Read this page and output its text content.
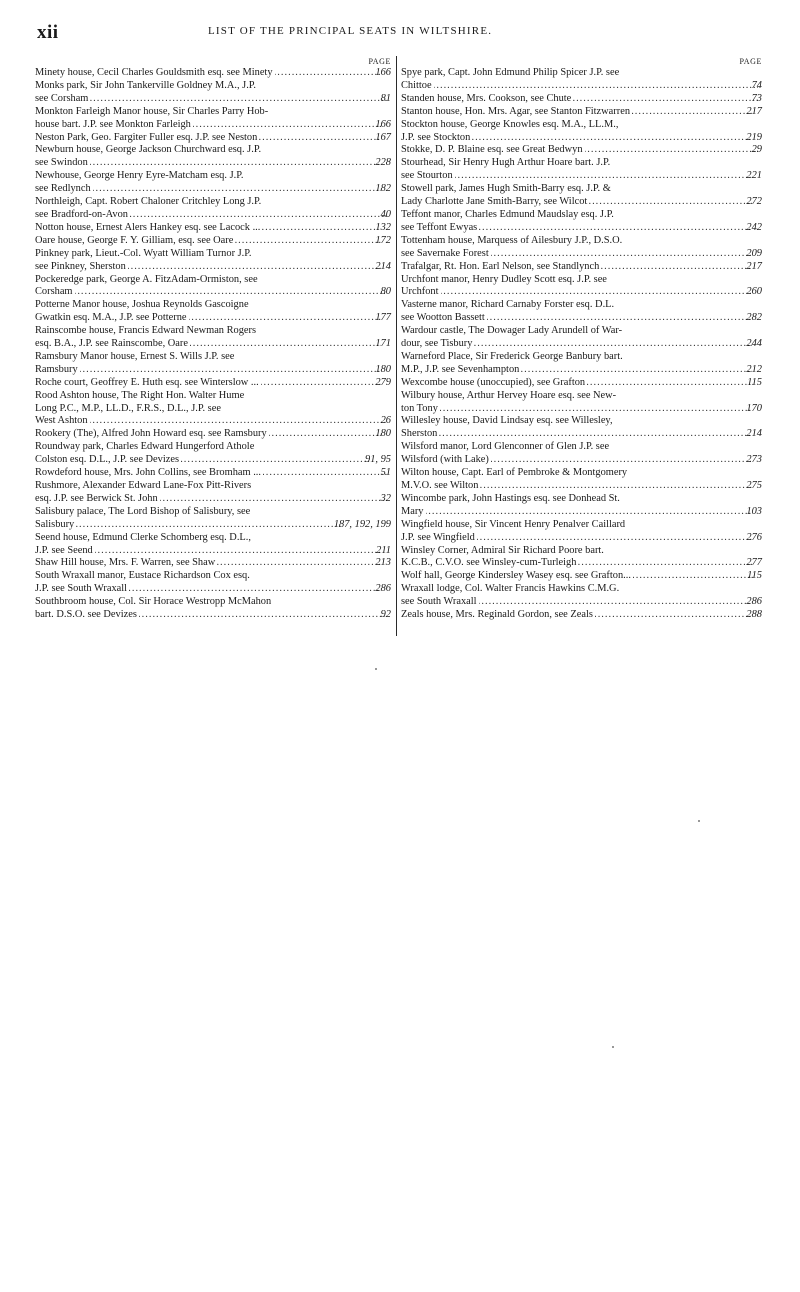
xii	LIST OF THE PRINCIPAL SEATS IN WILTSHIRE.
PAGE
Minety house, Cecil Charles Gouldsmith esq. see Minety .....	166
Monks park, Sir John Tankerville Goldney M.A., J.P.
see Corsham .....	81
Monkton Farleigh Manor house, Sir Charles Parry Hob-
house bart. J.P. see Monkton Farleigh .....	166
Neston Park, Geo. Fargiter Fuller esq. J.P. see Neston .....	167
Newburn house, George Jackson Churchward esq. J.P.
see Swindon .....	228
Newhouse, George Henry Eyre-Matcham esq. J.P.
see Redlynch .....	182
Northleigh, Capt. Robert Chaloner Critchley Long J.P.
see Bradford-on-Avon .....	40
Notton house, Ernest Alers Hankey esq. see Lacock ... .....	132
Oare house, George F. Y. Gilliam, esq. see Oare .....	172
Pinkney park, Lieut.-Col. Wyatt William Turnor J.P.
see Pinkney, Sherston .....	214
Pockeredge park, George A. FitzAdam-Ormiston, see
Corsham .....	80
Potterne Manor house, Joshua Reynolds Gascoigne
Gwatkin esq. M.A., J.P. see Potterne .....	177
Rainscombe house, Francis Edward Newman Rogers
esq. B.A., J.P. see Rainscombe, Oare .....	171
Ramsbury Manor house, Ernest S. Wills J.P. see
Ramsbury .....	180
Roche court, Geoffrey E. Huth esq. see Winterslow ... .....	279
Rood Ashton house, The Right Hon. Walter Hume
Long P.C., M.P., LL.D., F.R.S., D.L., J.P. see
West Ashton .....	26
Rookery (The), Alfred John Howard esq. see Ramsbury .....	180
Roundway park, Charles Edward Hungerford Athole
Colston esq. D.L., J.P. see Devizes .....	91, 95
Rowdeford house, Mrs. John Collins, see Bromham ... .....	51
Rushmore, Alexander Edward Lane-Fox Pitt-Rivers
esq. J.P. see Berwick St. John .....	32
Salisbury palace, The Lord Bishop of Salisbury, see
Salisbury .....	187, 192, 199
Seend house, Edmund Clerke Schomberg esq. D.L.,
J.P. see Seend .....	211
Shaw Hill house, Mrs. F. Warren, see Shaw .....	213
South Wraxall manor, Eustace Richardson Cox esq.
J.P. see South Wraxall .....	286
Southbroom house, Col. Sir Horace Westropp McMahon
bart. D.S.O. see Devizes .....	92
PAGE
Spye park, Capt. John Edmund Philip Spicer J.P. see
Chittoe .....	74
Standen house, Mrs. Cookson, see Chute .....	73
Stanton house, Hon. Mrs. Agar, see Stanton Fitzwarren .....	217
Stockton house, George Knowles esq. M.A., LL.M.,
J.P. see Stockton .....	219
Stokke, D. P. Blaine esq. see Great Bedwyn .....	29
Stourhead, Sir Henry Hugh Arthur Hoare bart. J.P.
see Stourton .....	221
Stowell park, James Hugh Smith-Barry esq. J.P. &
Lady Charlotte Jane Smith-Barry, see Wilcot .....	272
Teffont manor, Charles Edmund Maudslay esq. J.P.
see Teffont Ewyas .....	242
Tottenham house, Marquess of Ailesbury J.P., D.S.O.
see Savernake Forest .....	209
Trafalgar, Rt. Hon. Earl Nelson, see Standlynch .....	217
Urchfont manor, Henry Dudley Scott esq. J.P. see
Urchfont .....	260
Vasterne manor, Richard Carnaby Forster esq. D.L.
see Wootton Bassett .....	282
Wardour castle, The Dowager Lady Arundell of War-
dour, see Tisbury .....	244
Warneford Place, Sir Frederick George Banbury bart.
M.P., J.P. see Sevenhampton .....	212
Wexcombe house (unoccupied), see Grafton .....	115
Wilbury house, Arthur Hervey Hoare esq. see New-
ton Tony .....	170
Willesley house, David Lindsay esq. see Willesley,
Sherston .....	214
Wilsford manor, Lord Glenconner of Glen J.P. see
Wilsford (with Lake) .....	273
Wilton house, Capt. Earl of Pembroke & Montgomery
M.V.O. see Wilton .....	275
Wincombe park, John Hastings esq. see Donhead St.
Mary .....	103
Wingfield house, Sir Vincent Henry Penalver Caillard
J.P. see Wingfield .....	276
Winsley Corner, Admiral Sir Richard Poore bart.
K.C.B., C.V.O. see Winsley-cum-Turleigh .....	277
Wolf hall, George Kindersley Wasey esq. see Grafton... .....	115
Wraxall lodge, Col. Walter Francis Hawkins C.M.G.
see South Wraxall .....	286
Zeals house, Mrs. Reginald Gordon, see Zeals .....	288
